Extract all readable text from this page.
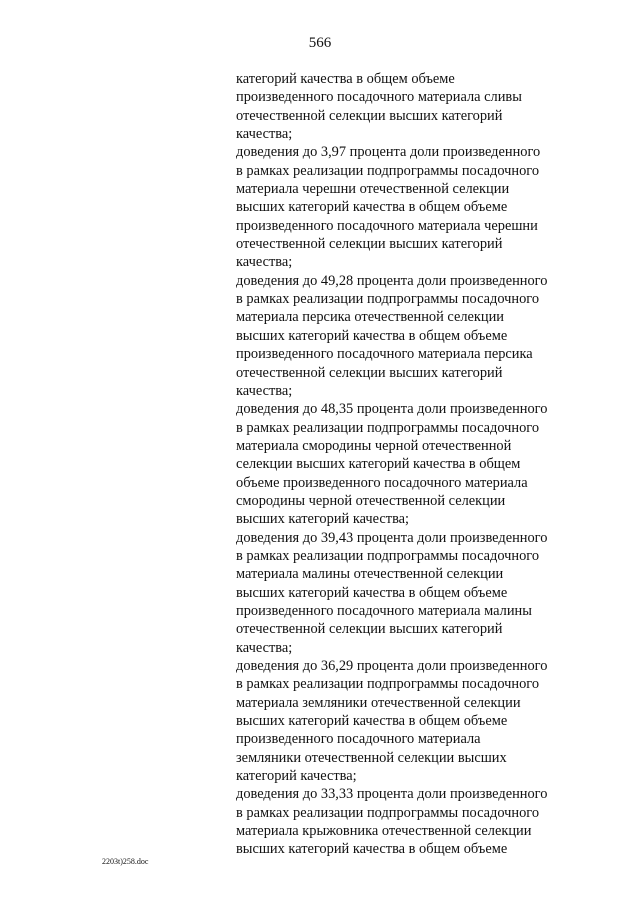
566
категорий качества в общем объеме
произведенного посадочного материала сливы
отечественной селекции высших категорий
качества;
доведения до 3,97 процента доли произведенного
в рамках реализации подпрограммы посадочного
материала черешни отечественной селекции
высших категорий качества в общем объеме
произведенного посадочного материала черешни
отечественной селекции высших категорий
качества;
доведения до 49,28 процента доли произведенного
в рамках реализации подпрограммы посадочного
материала персика отечественной селекции
высших категорий качества в общем объеме
произведенного посадочного материала персика
отечественной селекции высших категорий
качества;
доведения до 48,35 процента доли произведенного
в рамках реализации подпрограммы посадочного
материала смородины черной отечественной
селекции высших категорий качества в общем
объеме произведенного посадочного материала
смородины черной отечественной селекции
высших категорий качества;
доведения до 39,43 процента доли произведенного
в рамках реализации подпрограммы посадочного
материала малины отечественной селекции
высших категорий качества в общем объеме
произведенного посадочного материала малины
отечественной селекции высших категорий
качества;
доведения до 36,29 процента доли произведенного
в рамках реализации подпрограммы посадочного
материала земляники отечественной селекции
высших категорий качества в общем объеме
произведенного посадочного материала
земляники отечественной селекции высших
категорий качества;
доведения до 33,33 процента доли произведенного
в рамках реализации подпрограммы посадочного
материала крыжовника отечественной селекции
высших категорий качества в общем объеме
2203t)258.doc
